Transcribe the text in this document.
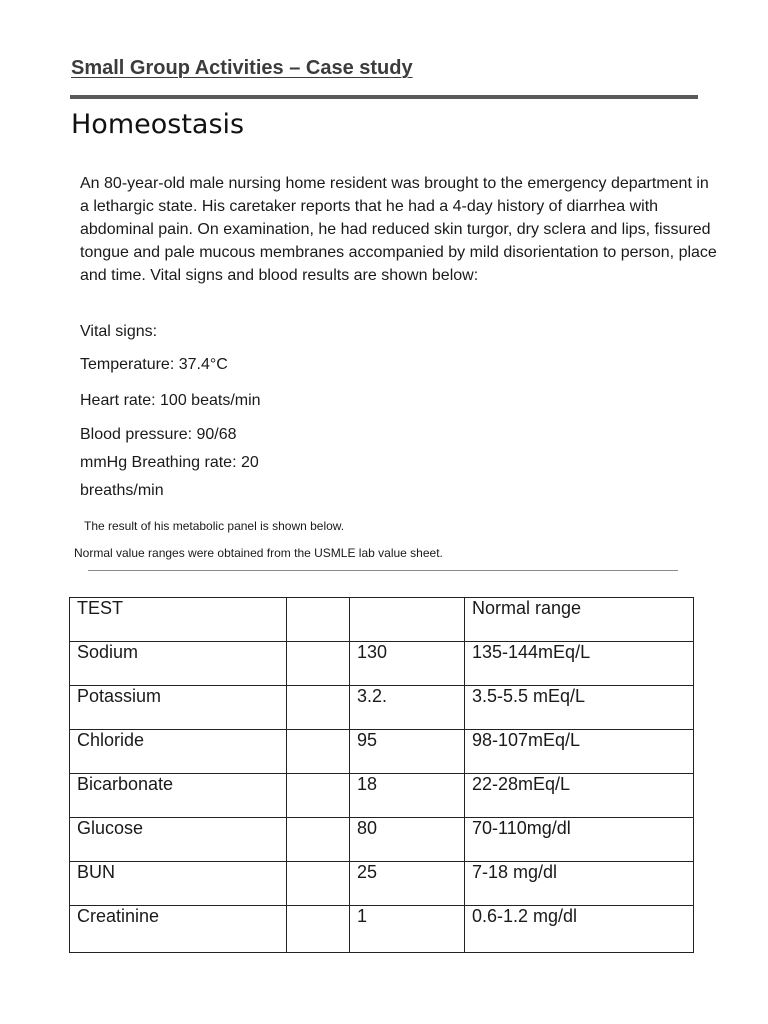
Small Group Activities – Case study
Homeostasis

An 80-year-old male nursing home resident was brought to the emergency department in a lethargic state. His caretaker reports that he had a 4-day history of diarrhea with abdominal pain. On examination, he had reduced skin turgor, dry sclera and lips, fissured tongue and pale mucous membranes accompanied by mild disorientation to person, place and time. Vital signs and blood results are shown below:

Vital signs:
Temperature: 37.4°C
Heart rate: 100 beats/min
Blood pressure: 90/68
mmHg Breathing rate: 20
breaths/min
The result of his metabolic panel is shown below.
Normal value ranges were obtained from the USMLE lab value sheet.
TEST			Normal range
Sodium		130	135-144mEq/L
Potassium		3.2.	3.5-5.5 mEq/L
Chloride		95	98-107mEq/L
Bicarbonate		18	22-28mEq/L
Glucose		80	70-110mg/dl
BUN		25	7-18 mg/dl
Creatinine		1	0.6-1.2 mg/dl
